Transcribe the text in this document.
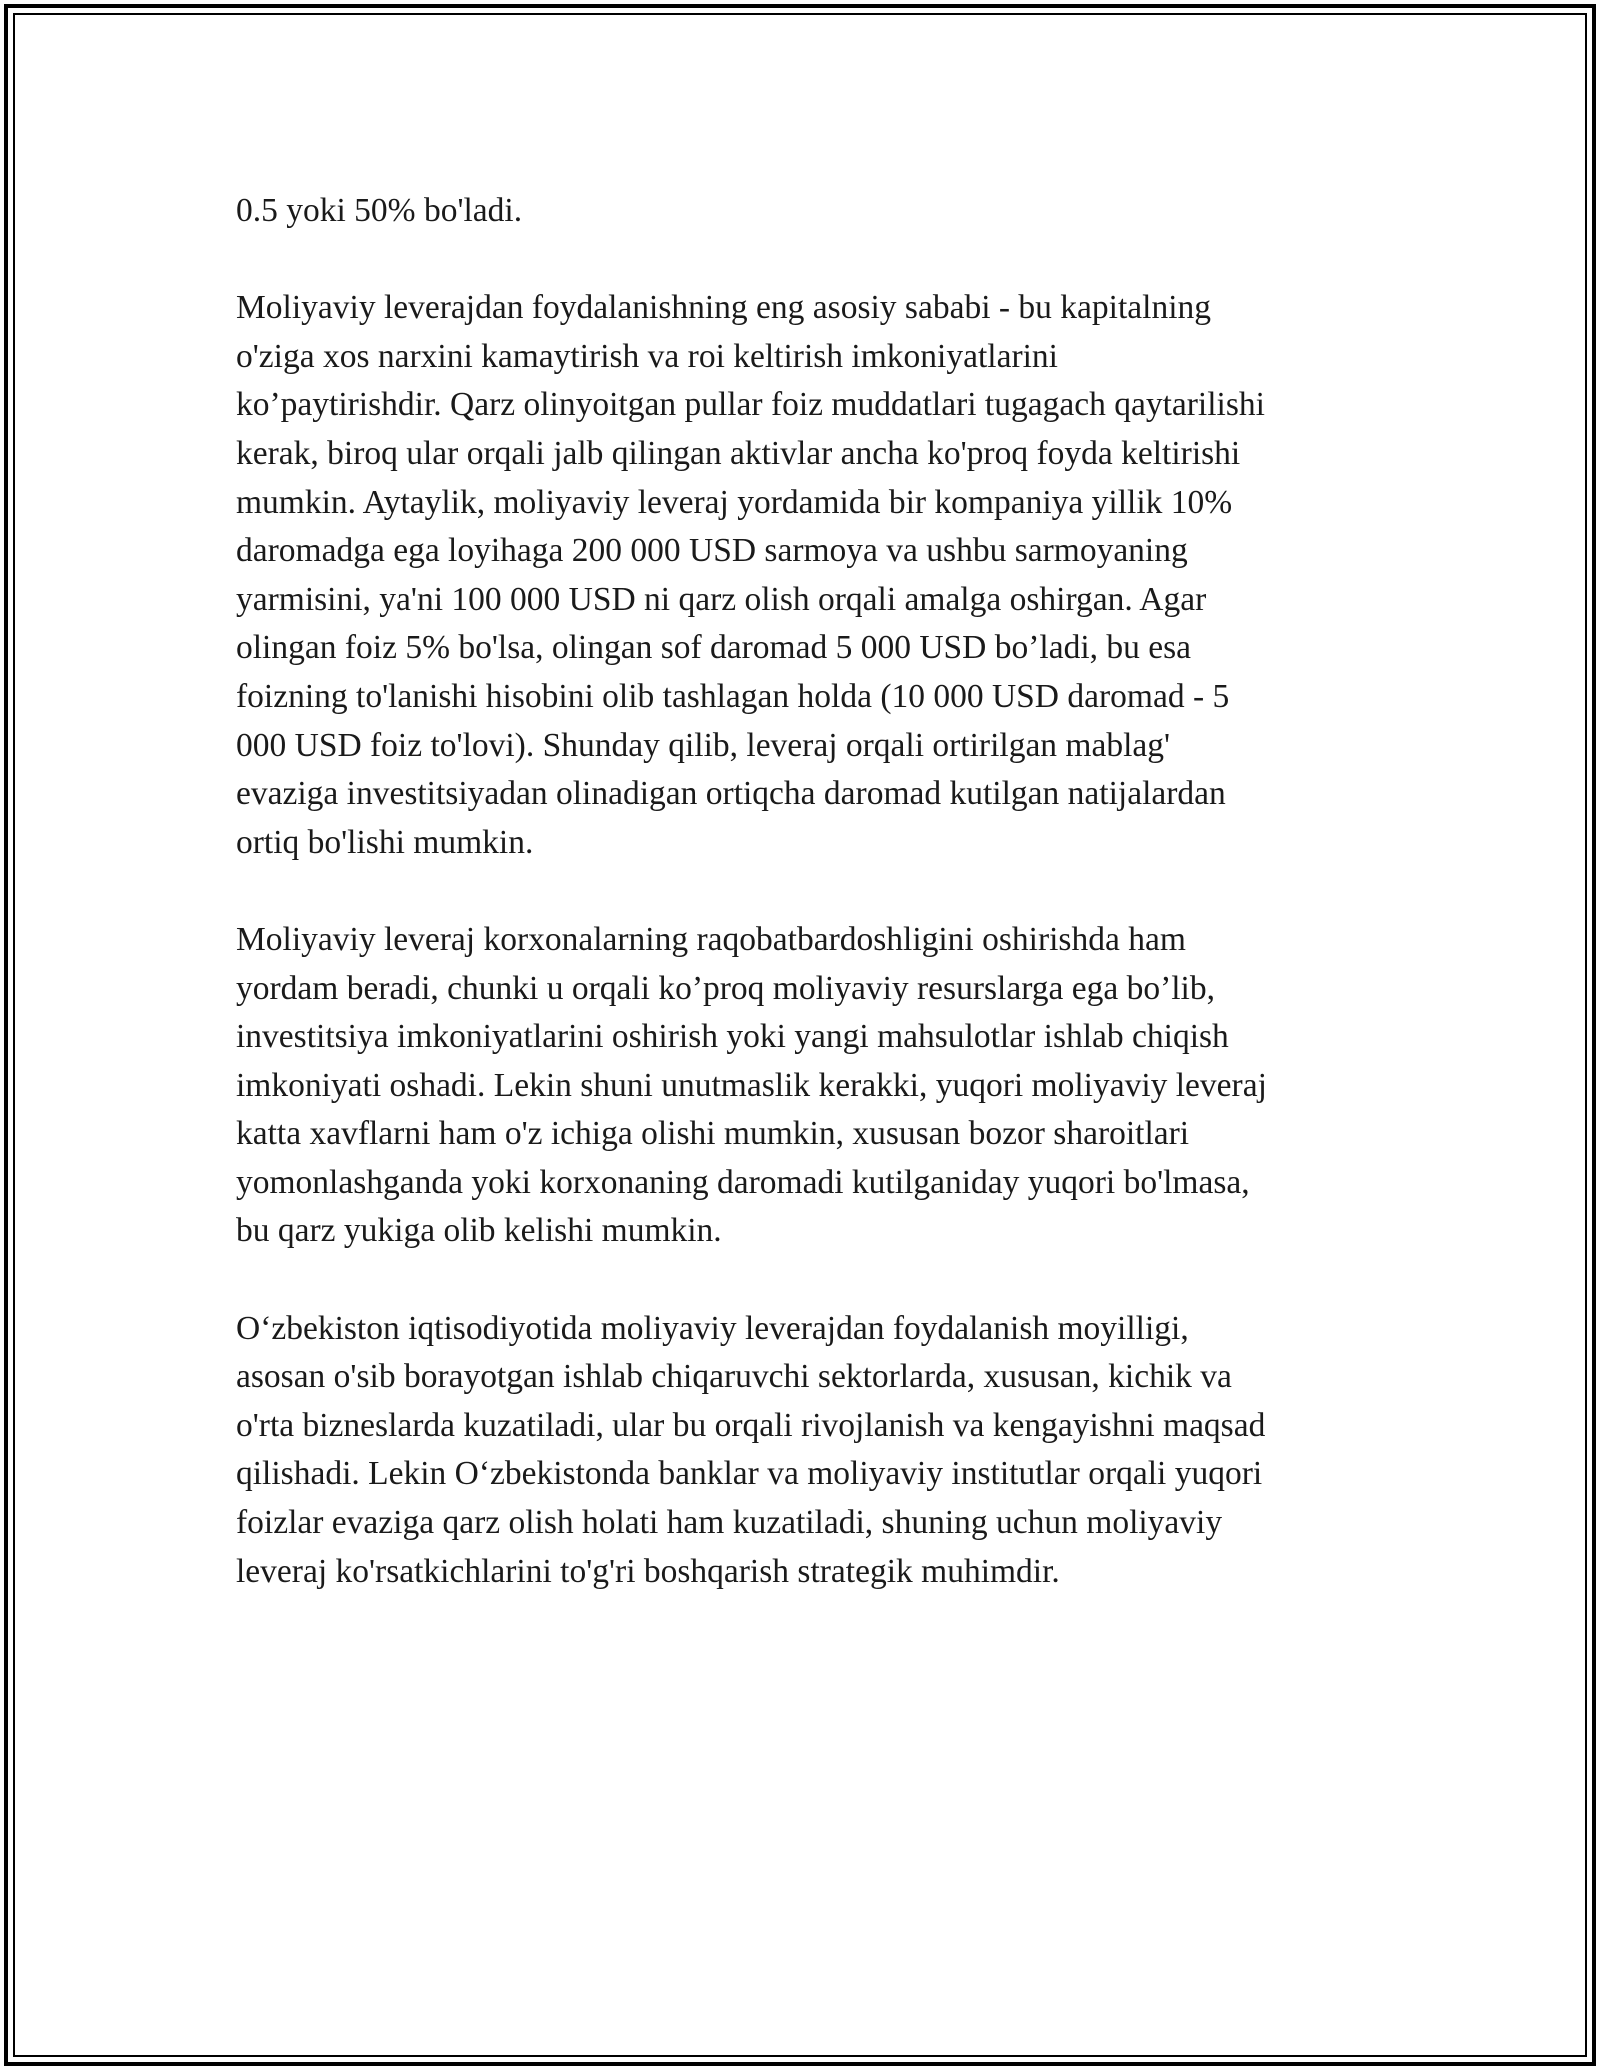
0.5 yoki 50% bo'ladi.

Moliyaviy leverajdan foydalanishning eng asosiy sababi - bu kapitalning
o'ziga xos narxini kamaytirish va roi keltirish imkoniyatlarini
ko’paytirishdir. Qarz olinyoitgan pullar foiz muddatlari tugagach qaytarilishi
kerak, biroq ular orqali jalb qilingan aktivlar ancha ko'proq foyda keltirishi
mumkin. Aytaylik, moliyaviy leveraj yordamida bir kompaniya yillik 10%
daromadga ega loyihaga 200 000 USD sarmoya va ushbu sarmoyaning
yarmisini, ya'ni 100 000 USD ni qarz olish orqali amalga oshirgan. Agar
olingan foiz 5% bo'lsa, olingan sof daromad 5 000 USD bo’ladi, bu esa
foizning to'lanishi hisobini olib tashlagan holda (10 000 USD daromad - 5
000 USD foiz to'lovi). Shunday qilib, leveraj orqali ortirilgan mablag'
evaziga investitsiyadan olinadigan ortiqcha daromad kutilgan natijalardan
ortiq bo'lishi mumkin.

Moliyaviy leveraj korxonalarning raqobatbardoshligini oshirishda ham
yordam beradi, chunki u orqali ko’proq moliyaviy resurslarga ega bo’lib,
investitsiya imkoniyatlarini oshirish yoki yangi mahsulotlar ishlab chiqish
imkoniyati oshadi. Lekin shuni unutmaslik kerakki, yuqori moliyaviy leveraj
katta xavflarni ham o'z ichiga olishi mumkin, xususan bozor sharoitlari
yomonlashganda yoki korxonaning daromadi kutilganiday yuqori bo'lmasa,
bu qarz yukiga olib kelishi mumkin.

O‘zbekiston iqtisodiyotida moliyaviy leverajdan foydalanish moyilligi,
asosan o'sib borayotgan ishlab chiqaruvchi sektorlarda, xususan, kichik va
o'rta bizneslarda kuzatiladi, ular bu orqali rivojlanish va kengayishni maqsad
qilishadi. Lekin O‘zbekistonda banklar va moliyaviy institutlar orqali yuqori
foizlar evaziga qarz olish holati ham kuzatiladi, shuning uchun moliyaviy
leveraj ko'rsatkichlarini to'g'ri boshqarish strategik muhimdir.
